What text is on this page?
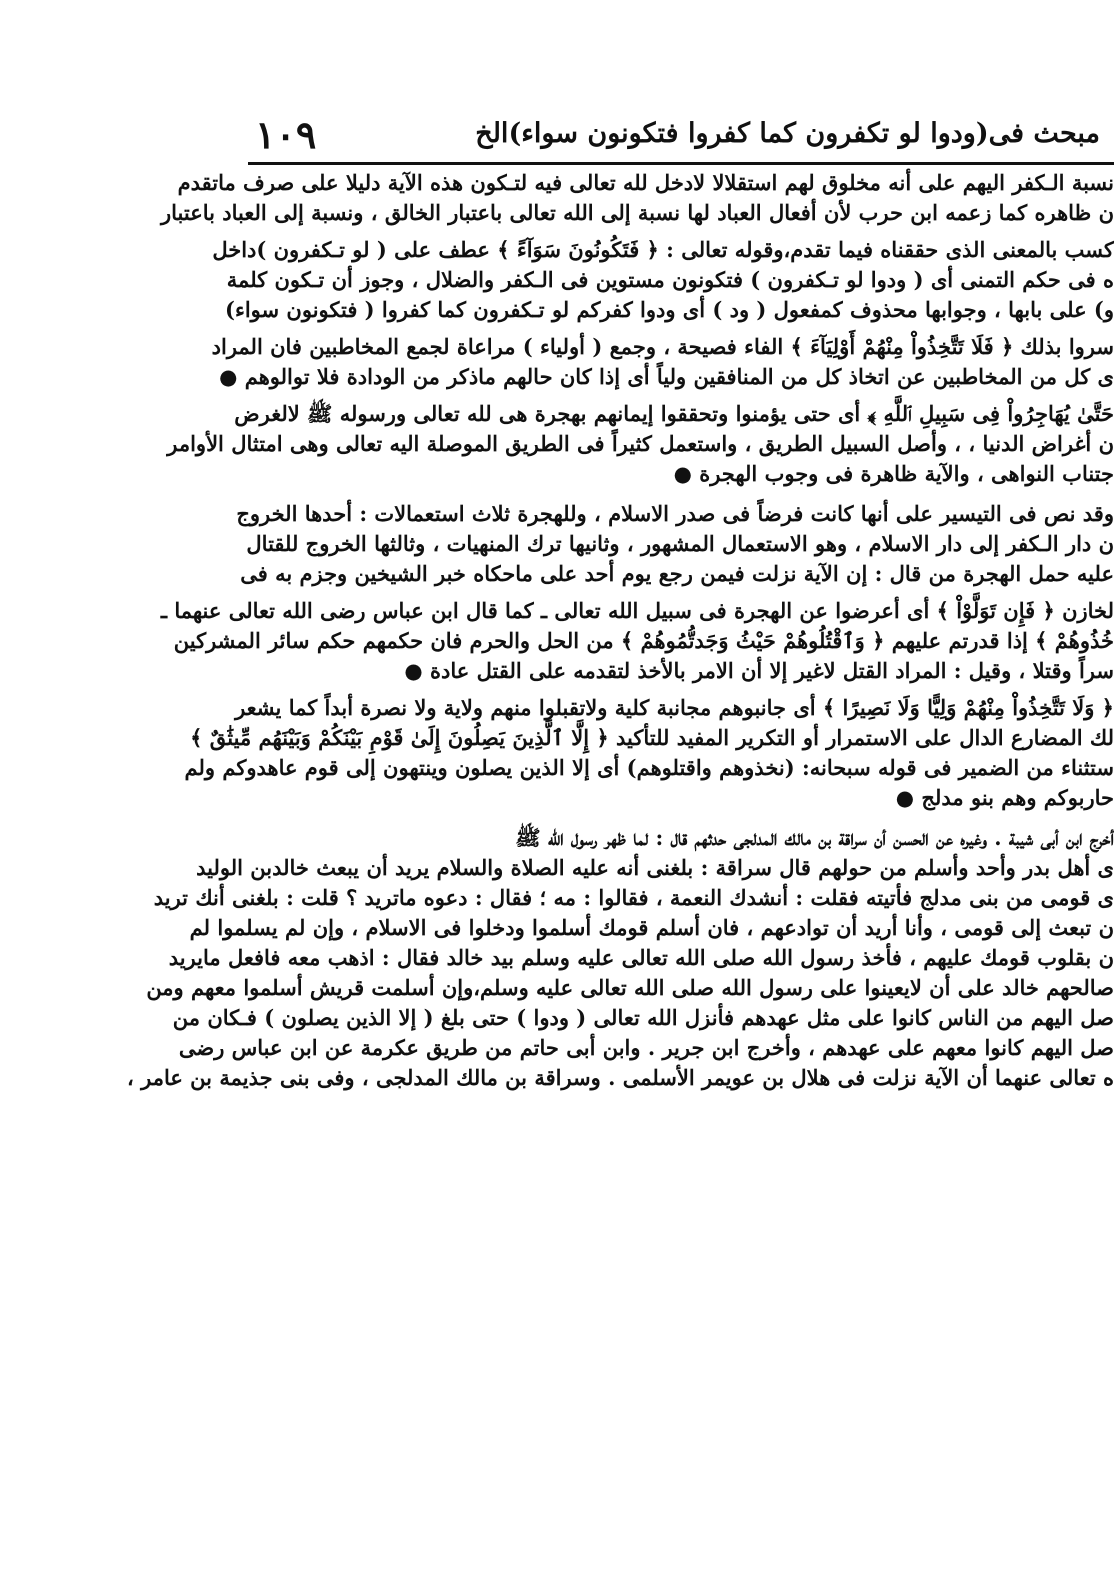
مبحث فى(ودوا لو تكفرون كما كفروا فتكونون سواء)الخ
١٠٩
نسبة الـكفر اليهم على أنه مخلوق لهم استقلالا لادخل لله تعالى فيه لتـكون هذه الآية دليلا على صرف ماتقدم
ن ظاهره كما زعمه ابن حرب لأن أفعال العباد لها نسبة إلى الله تعالى باعتبار الخالق ، ونسبة إلى العباد باعتبار
كسب بالمعنى الذى حققناه فيما تقدم،وقوله تعالى : ﴿ فَتَكُونُونَ سَوَآءً ﴾ عطف على ( لو تـكفرون )داخل
ه فى حكم التمنى أى ( ودوا لو تـكفرون ) فتكونون مستوين فى الـكفر والضلال ، وجوز أن تـكون كلمة
و) على بابها ، وجوابها محذوف كمفعول ( ود ) أى ودوا كفركم لو تـكفرون كما كفروا ( فتكونون سواء)
سروا بذلك ﴿ فَلَا تَتَّخِذُواْ مِنْهُمْ أَوْلِيَآءَ ﴾ الفاء فصيحة ، وجمع ( أولياء ) مراعاة لجمع المخاطبين فان المراد
ى كل من المخاطبين عن اتخاذ كل من المنافقين ولياً أى إذا كان حالهم ماذكر من الودادة فلا توالوهم ●
حَتَّىٰ يُهَاجِرُواْ فِى سَبِيلِ ٱللَّهِ ﴾ أى حتى يؤمنوا وتحققوا إيمانهم بهجرة هى لله تعالى ورسوله ﷺ لالغرض
ن أغراض الدنيا ، ، وأصل السبيل الطريق ، واستعمل كثيراً فى الطريق الموصلة اليه تعالى وهى امتثال الأوامر
جتناب النواهى ، والآية ظاهرة فى وجوب الهجرة ●
وقد نص فى التيسير على أنها كانت فرضاً فى صدر الاسلام ، وللهجرة ثلاث استعمالات : أحدها الخروج
ن دار الـكفر إلى دار الاسلام ، وهو الاستعمال المشهور ، وثانيها ترك المنهيات ، وثالثها الخروج للقتال
عليه حمل الهجرة من قال : إن الآية نزلت فيمن رجع يوم أحد على ماحكاه خبر الشيخين وجزم به فى
لخازن ﴿ فَإِن تَوَلَّوْاْ ﴾ أى أعرضوا عن الهجرة فى سبيل الله تعالى ـ كما قال ابن عباس رضى الله تعالى عنهما ـ
خُذُوهُمْ ﴾ إذا قدرتم عليهم ﴿ وَٱقْتُلُوهُمْ حَيْثُ وَجَدتُّمُوهُمْ ﴾ من الحل والحرم فان حكمهم حكم سائر المشركين
سراً وقتلا ، وقيل : المراد القتل لاغير إلا أن الامر بالأخذ لتقدمه على القتل عادة ●
﴿ وَلَا تَتَّخِذُواْ مِنْهُمْ وَلِيًّا وَلَا نَصِيرًا ﴾ أى جانبوهم مجانبة كلية ولاتقبلوا منهم ولاية ولا نصرة أبداً كما يشعر
لك المضارع الدال على الاستمرار أو التكرير المفيد للتأكيد ﴿ إِلَّا ٱلَّذِينَ يَصِلُونَ إِلَىٰ قَوْمِ بَيْنَكُمْ وَبَيْنَهُم مِّيثَٰقٌ ﴾
ستثناء من الضمير فى قوله سبحانه: (نخذوهم واقتلوهم) أى إلا الذين يصلون وينتهون إلى قوم عاهدوكم ولم
حاربوكم وهم بنو مدلج ●
أخرج ابن أبى شيبة . وغيره عن الحسن أن سراقة بن مالك المدلجى حدثهم قال : لما ظهر رسول الله ﷺ
ى أهل بدر وأحد وأسلم من حولهم قال سراقة : بلغنى أنه عليه الصلاة والسلام يريد أن يبعث خالدبن الوليد
ى قومى من بنى مدلج فأتيته فقلت : أنشدك النعمة ، فقالوا : مه ؛ فقال : دعوه ماتريد ؟ قلت : بلغنى أنك تريد
ن تبعث إلى قومى ، وأنا أريد أن توادعهم ، فان أسلم قومك أسلموا ودخلوا فى الاسلام ، وإن لم يسلموا لم
ن بقلوب قومك عليهم ، فأخذ رسول الله صلى الله تعالى عليه وسلم بيد خالد فقال : اذهب معه فافعل مايريد
صالحهم خالد على أن لايعينوا على رسول الله صلى الله تعالى عليه وسلم،وإن أسلمت قريش أسلموا معهم ومن
صل اليهم من الناس كانوا على مثل عهدهم فأنزل الله تعالى ( ودوا ) حتى بلغ ( إلا الذين يصلون ) فـكان من
صل اليهم كانوا معهم على عهدهم ، وأخرج ابن جرير . وابن أبى حاتم من طريق عكرمة عن ابن عباس رضى
ه تعالى عنهما أن الآية نزلت فى هلال بن عويمر الأسلمى . وسراقة بن مالك المدلجى ، وفى بنى جذيمة بن عامر ،
